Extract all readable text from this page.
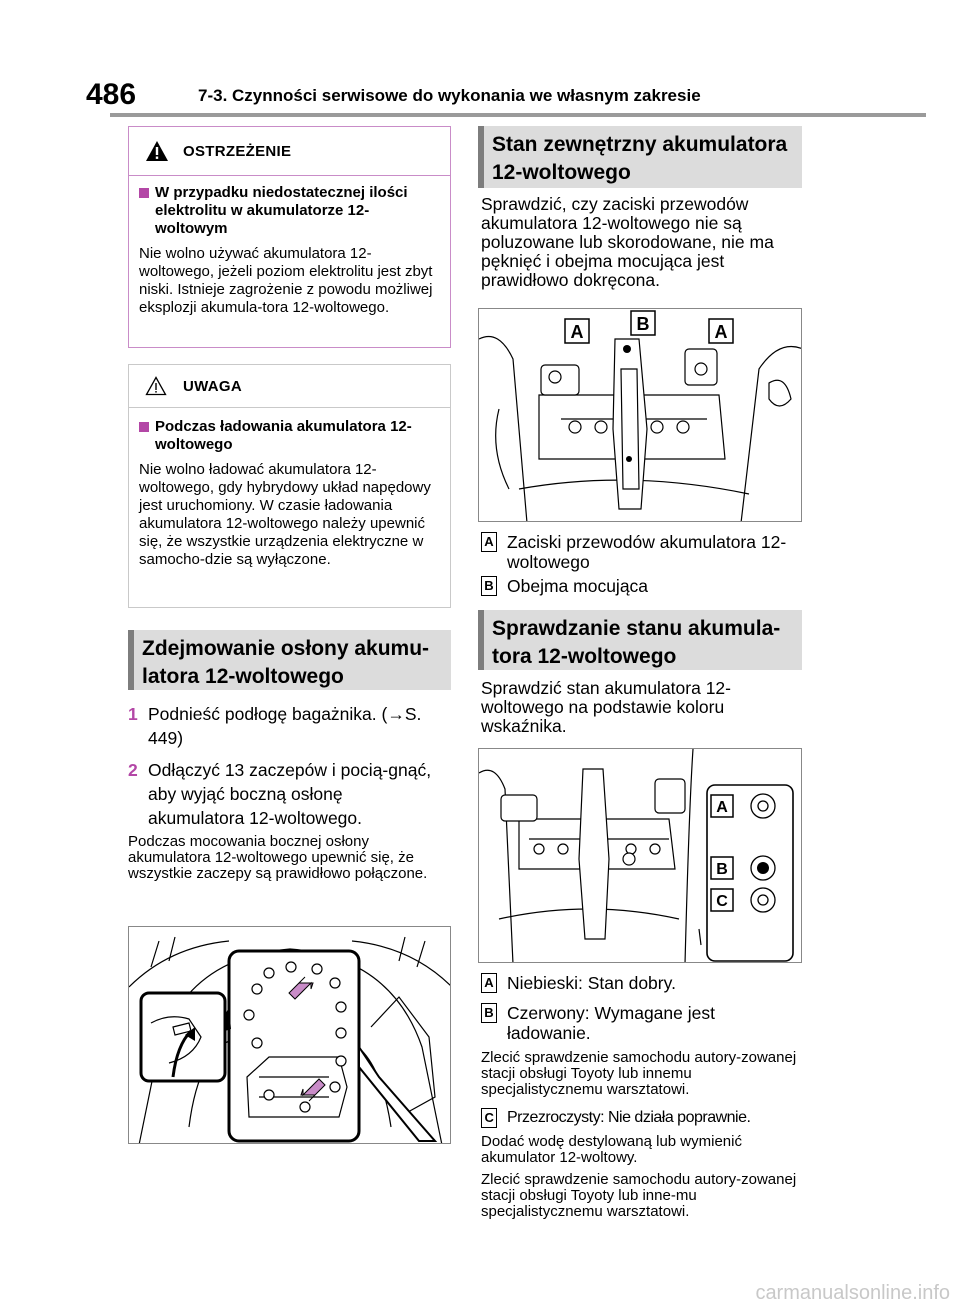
486	7-3. Czynności serwisowe do wykonania we własnym zakresie
OSTRZEŻENIE
W przypadku niedostatecznej ilości elektrolitu w akumulatorze 12-woltowym
Nie wolno używać akumulatora 12-woltowego, jeżeli poziom elektrolitu jest zbyt niski. Istnieje zagrożenie z powodu możliwej eksplozji akumula-tora 12-woltowego.
UWAGA
Podczas ładowania akumulatora 12-woltowego
Nie wolno ładować akumulatora 12-woltowego, gdy hybrydowy układ napędowy jest uruchomiony. W czasie ładowania akumulatora 12-woltowego należy upewnić się, że wszystkie urządzenia elektryczne w samocho-dzie są wyłączone.
Zdejmowanie osłony akumu-latora 12-woltowego
1 Podnieść podłogę bagażnika. (→S. 449)
2 Odłączyć 13 zaczepów i pocią-gnąć, aby wyjąć boczną osłonę akumulatora 12-woltowego.
Podczas mocowania bocznej osłony akumulatora 12-woltowego upewnić się, że wszystkie zaczepy są prawidłowo połączone.
Stan zewnętrzny akumulatora 12-woltowego
Sprawdzić, czy zaciski przewodów akumulatora 12-woltowego nie są poluzowane lub skorodowane, nie ma pęknięć i obejma mocująca jest prawidłowo dokręcona.
A	B	A
A Zaciski przewodów akumulatora 12-woltowego
B Obejma mocująca
Sprawdzanie stanu akumula-tora 12-woltowego
Sprawdzić stan akumulatora 12-woltowego na podstawie koloru wskaźnika.
A
B
C
A Niebieski: Stan dobry.
B Czerwony: Wymagane jest ładowanie.
Zlecić sprawdzenie samochodu autory-zowanej stacji obsługi Toyoty lub innemu specjalistycznemu warsztatowi.
C Przezroczysty: Nie działa poprawnie.
Dodać wodę destylowaną lub wymienić akumulator 12-woltowy.
Zlecić sprawdzenie samochodu autory-zowanej stacji obsługi Toyoty lub inne-mu specjalistycznemu warsztatowi.
carmanualsonline.info
